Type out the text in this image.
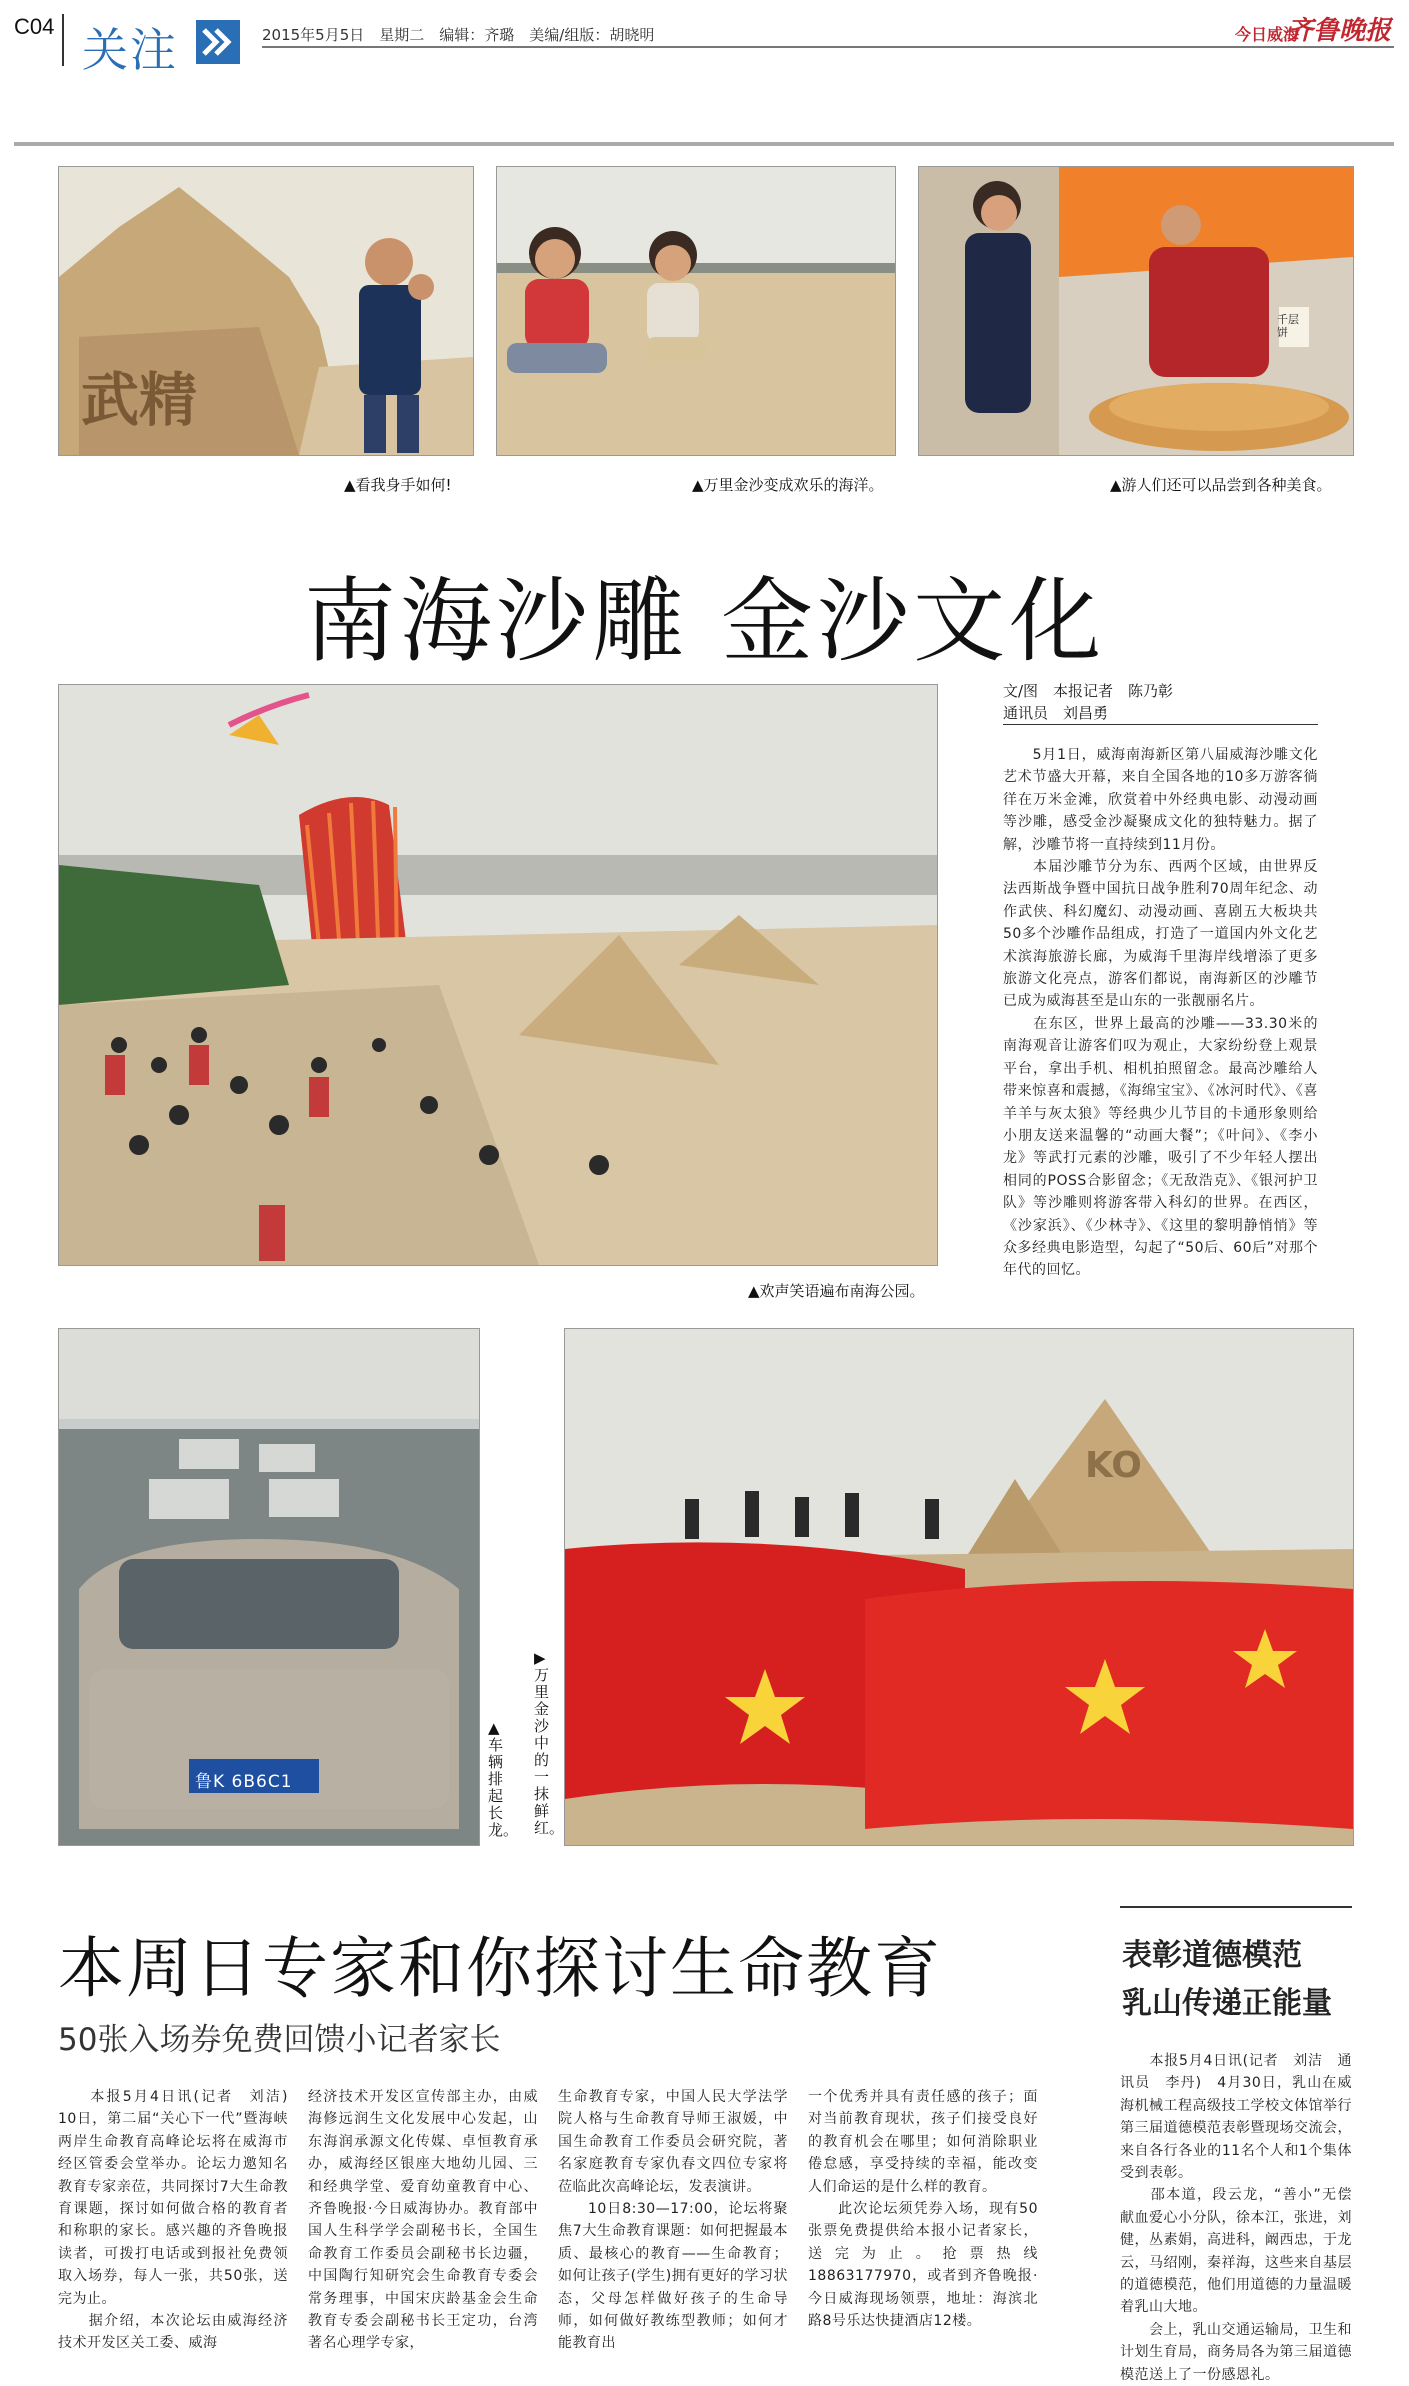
C04 关注	2015年5月5日　星期二　编辑：齐璐　美编/组版：胡晓明	今日威海
齐鲁晚报
武精
▲看我身手如何!	▲万里金沙变成欢乐的海洋。
千层饼
▲游人们还可以品尝到各种美食。
南海沙雕 金沙文化
▲欢声笑语遍布南海公园。
文/图　本报记者　陈乃彰
通讯员　刘昌勇
　　5月1日，威海南海新区第八届威海沙雕文化艺术节盛大开幕，来自全国各地的10多万游客徜徉在万米金滩，欣赏着中外经典电影、动漫动画等沙雕，感受金沙凝聚成文化的独特魅力。据了解，沙雕节将一直持续到11月份。
　　本届沙雕节分为东、西两个区域，由世界反法西斯战争暨中国抗日战争胜利70周年纪念、动作武侠、科幻魔幻、动漫动画、喜剧五大板块共50多个沙雕作品组成，打造了一道国内外文化艺术滨海旅游长廊，为威海千里海岸线增添了更多旅游文化亮点，游客们都说，南海新区的沙雕节已成为威海甚至是山东的一张靓丽名片。
　　在东区，世界上最高的沙雕——33.30米的南海观音让游客们叹为观止，大家纷纷登上观景平台，拿出手机、相机拍照留念。最高沙雕给人带来惊喜和震撼，《海绵宝宝》、《冰河时代》、《喜羊羊与灰太狼》等经典少儿节目的卡通形象则给小朋友送来温馨的“动画大餐”；《叶问》、《李小龙》等武打元素的沙雕，吸引了不少年轻人摆出相同的POSS合影留念；《无敌浩克》、《银河护卫队》等沙雕则将游客带入科幻的世界。在西区，《沙家浜》、《少林寺》、《这里的黎明静悄悄》等众多经典电影造型，勾起了“50后、60后”对那个年代的回忆。
鲁K 6B6C1
▲车辆排起长龙。
▶万里金沙中的一抹鲜红。
KO
本周日专家和你探讨生命教育
50张入场券免费回馈小记者家长
　　本报5月4日讯(记者　刘洁)　10日，第二届“关心下一代”暨海峡两岸生命教育高峰论坛将在威海市经区管委会堂举办。论坛力邀知名教育专家亲莅，共同探讨7大生命教育课题，探讨如何做合格的教育者和称职的家长。感兴趣的齐鲁晚报读者，可拨打电话或到报社免费领取入场券，每人一张，共50张，送完为止。
　　据介绍，本次论坛由威海经济技术开发区关工委、威海
经济技术开发区宣传部主办，由威海修远润生文化发展中心发起，山东海润承源文化传媒、卓恒教育承办，威海经区银座大地幼儿园、三和经典学堂、爱育幼童教育中心、齐鲁晚报·今日威海协办。教育部中国人生科学学会副秘书长，全国生命教育工作委员会副秘书长边疆，中国陶行知研究会生命教育专委会常务理事，中国宋庆龄基金会生命教育专委会副秘书长王定功，台湾著名心理学专家，
生命教育专家，中国人民大学法学院人格与生命教育导师王淑媛，中国生命教育工作委员会研究院，著名家庭教育专家仇春文四位专家将莅临此次高峰论坛，发表演讲。
　　10日8:30—17:00，论坛将聚焦7大生命教育课题：如何把握最本质、最核心的教育——生命教育；如何让孩子(学生)拥有更好的学习状态，父母怎样做好孩子的生命导师，如何做好教练型教师；如何才能教育出
一个优秀并具有责任感的孩子；面对当前教育现状，孩子们接受良好的教育机会在哪里；如何消除职业倦怠感，享受持续的幸福，能改变人们命运的是什么样的教育。
　　此次论坛须凭券入场，现有50张票免费提供给本报小记者家长，送完为止。抢票热线18863177970，或者到齐鲁晚报·今日威海现场领票，地址：海滨北路8号乐达快捷酒店12楼。
表彰道德模范
乳山传递正能量
　　本报5月4日讯(记者　刘洁　通讯员　李丹)　4月30日，乳山在威海机械工程高级技工学校文体馆举行第三届道德模范表彰暨现场交流会，来自各行各业的11名个人和1个集体受到表彰。
　　邵本道，段云龙，“善小”无偿献血爱心小分队，徐本江，张进，刘健，丛素娟，高进科，阚西忠，于龙云，马绍刚，秦祥海，这些来自基层的道德模范，他们用道德的力量温暖着乳山大地。
　　会上，乳山交通运输局，卫生和计划生育局，商务局各为第三届道德模范送上了一份感恩礼。
